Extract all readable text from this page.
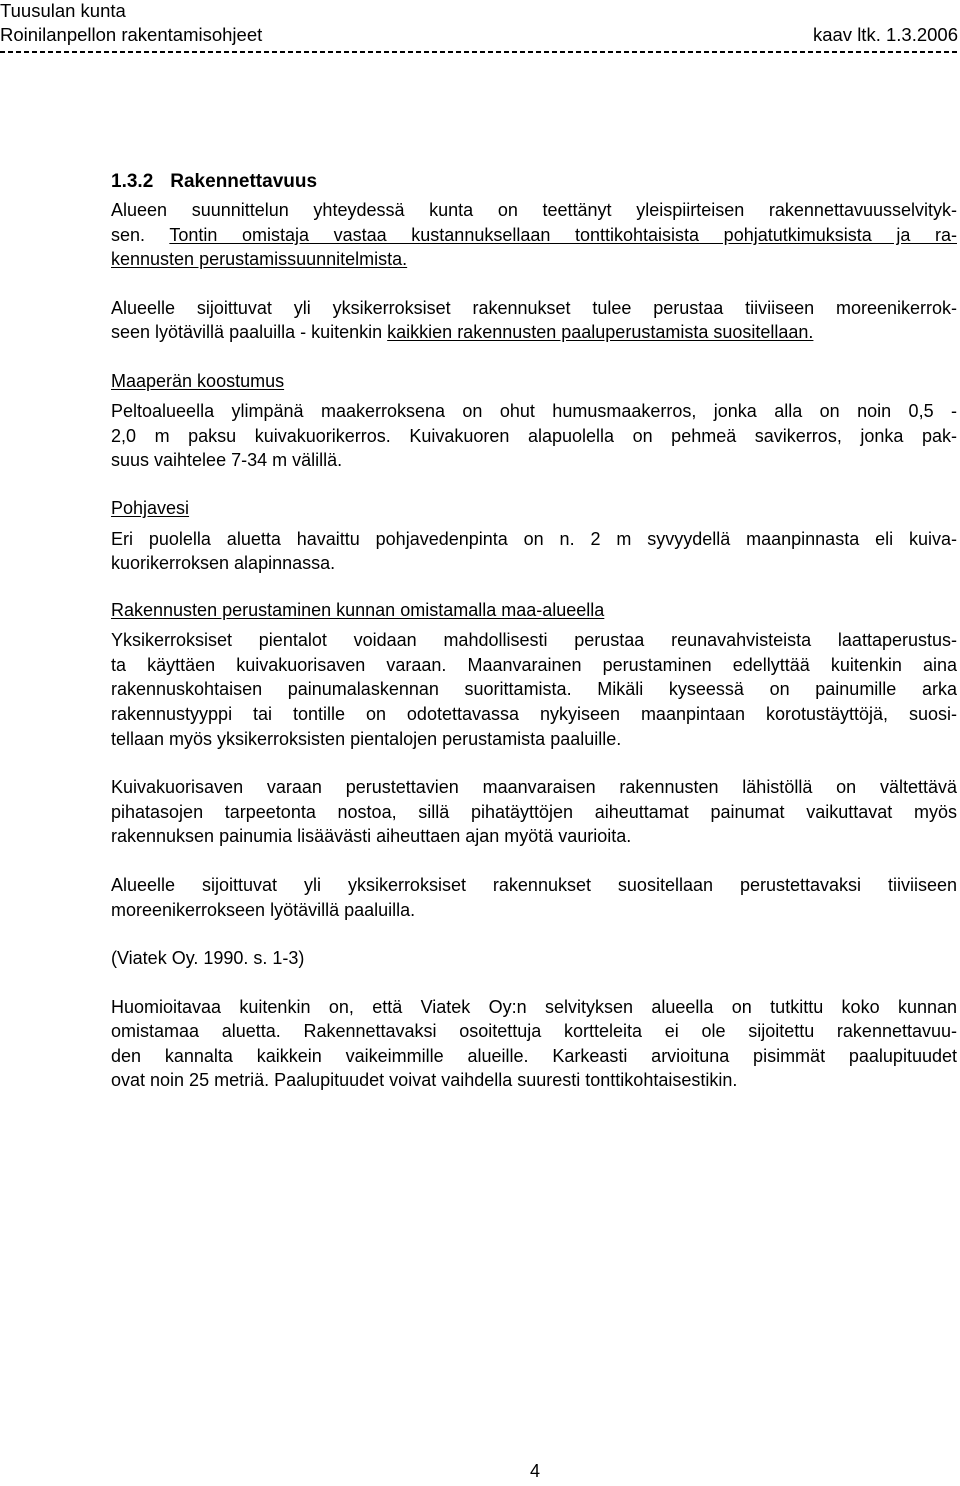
Tuusulan kunta
Roinilanpellon rakentamisohjeet	kaav ltk. 1.3.2006
1.3.2 Rakennettavuus
Alueen suunnittelun yhteydessä kunta on teettänyt yleispiirteisen rakennettavuusselvityk-
sen. Tontin omistaja vastaa kustannuksellaan tonttikohtaisista pohjatutkimuksista ja ra-
kennusten perustamissuunnitelmista.
Alueelle sijoittuvat yli yksikerroksiset rakennukset tulee perustaa tiiviiseen moreenikerrok-
seen lyötävillä paaluilla - kuitenkin kaikkien rakennusten paaluperustamista suositellaan.
Maaperän koostumus
Peltoalueella ylimpänä maakerroksena on ohut humusmaakerros, jonka alla on noin 0,5 -
2,0 m paksu kuivakuorikerros. Kuivakuoren alapuolella on pehmeä savikerros, jonka pak-
suus vaihtelee 7-34 m välillä.
Pohjavesi
Eri puolella aluetta havaittu pohjavedenpinta on n. 2 m syvyydellä maanpinnasta eli kuiva-
kuorikerroksen alapinnassa.
Rakennusten perustaminen kunnan omistamalla maa-alueella
Yksikerroksiset pientalot voidaan mahdollisesti perustaa reunavahvisteista laattaperustus-
ta käyttäen kuivakuorisaven varaan. Maanvarainen perustaminen edellyttää kuitenkin aina
rakennuskohtaisen painumalaskennan suorittamista. Mikäli kyseessä on painumille arka
rakennustyyppi tai tontille on odotettavassa nykyiseen maanpintaan korotustäyttöjä, suosi-
tellaan myös yksikerroksisten pientalojen perustamista paaluille.
Kuivakuorisaven varaan perustettavien maanvaraisen rakennusten lähistöllä on vältettävä
pihatasojen tarpeetonta nostoa, sillä pihatäyttöjen aiheuttamat painumat vaikuttavat myös
rakennuksen painumia lisäävästi aiheuttaen ajan myötä vaurioita.
Alueelle sijoittuvat yli yksikerroksiset rakennukset suositellaan perustettavaksi tiiviiseen
moreenikerrokseen lyötävillä paaluilla.
(Viatek Oy. 1990. s. 1-3)
Huomioitavaa kuitenkin on, että Viatek Oy:n selvityksen alueella on tutkittu koko kunnan
omistamaa aluetta. Rakennettavaksi osoitettuja kortteleita ei ole sijoitettu rakennettavuu-
den kannalta kaikkein vaikeimmille alueille. Karkeasti arvioituna pisimmät paalupituudet
ovat noin 25 metriä. Paalupituudet voivat vaihdella suuresti tonttikohtaisestikin.
4
